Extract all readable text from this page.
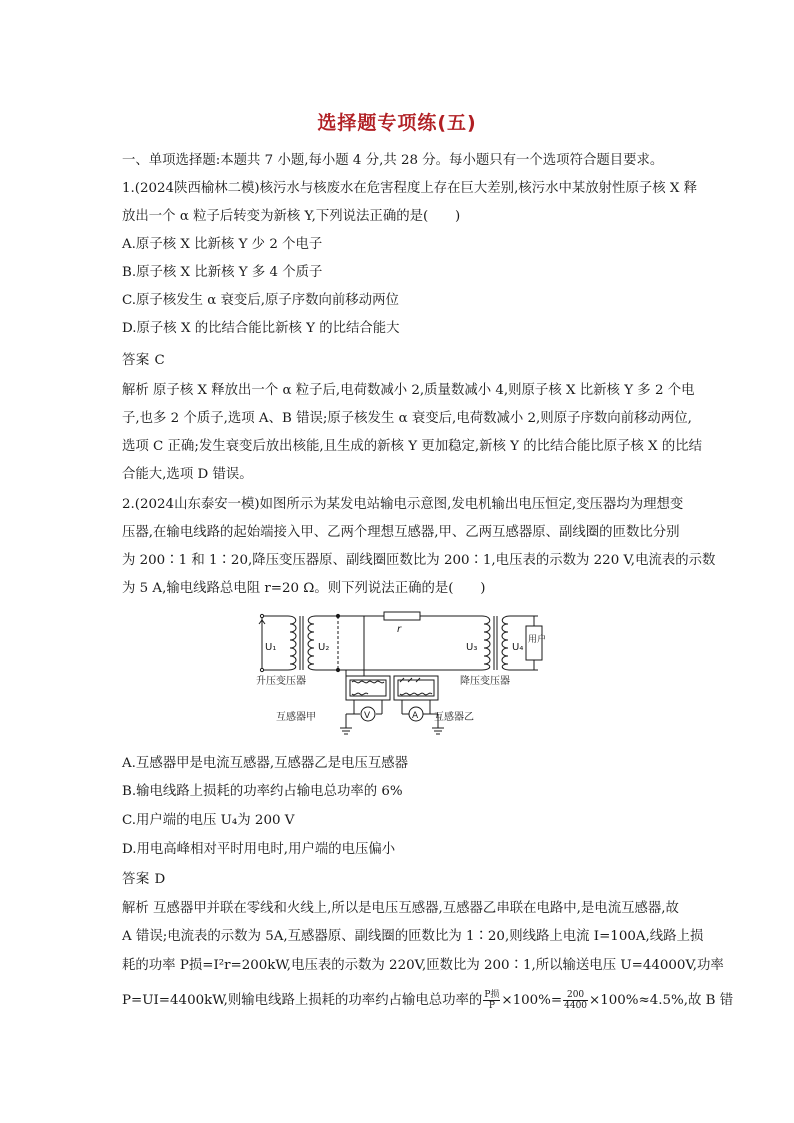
选择题专项练(五)
一、单项选择题:本题共 7 小题,每小题 4 分,共 28 分。每小题只有一个选项符合题目要求。
1.(2024陕西榆林二模)核污水与核废水在危害程度上存在巨大差别,核污水中某放射性原子核 X 释
放出一个 α 粒子后转变为新核 Y,下列说法正确的是(　　)
A.原子核 X 比新核 Y 少 2 个电子
B.原子核 X 比新核 Y 多 4 个质子
C.原子核发生 α 衰变后,原子序数向前移动两位
D.原子核 X 的比结合能比新核 Y 的比结合能大
答案 C
解析 原子核 X 释放出一个 α 粒子后,电荷数减小 2,质量数减小 4,则原子核 X 比新核 Y 多 2 个电
子,也多 2 个质子,选项 A、B 错误;原子核发生 α 衰变后,电荷数减小 2,则原子序数向前移动两位,
选项 C 正确;发生衰变后放出核能,且生成的新核 Y 更加稳定,新核 Y 的比结合能比原子核 X 的比结
合能大,选项 D 错误。
2.(2024山东泰安一模)如图所示为某发电站输电示意图,发电机输出电压恒定,变压器均为理想变
压器,在输电线路的起始端接入甲、乙两个理想互感器,甲、乙两互感器原、副线圈的匝数比分别
为 200∶1 和 1∶20,降压变压器原、副线圈匝数比为 200∶1,电压表的示数为 220 V,电流表的示数
为 5 A,输电线路总电阻 r=20 Ω。则下列说法正确的是(　　)
U₁	U₂
r
U₃	U₄
V	A
升压变压器	降压变压器
互感器甲	互感器乙
用户
A.互感器甲是电流互感器,互感器乙是电压互感器
B.输电线路上损耗的功率约占输电总功率的 6%
C.用户端的电压 U₄为 200 V
D.用电高峰相对平时用电时,用户端的电压偏小
答案 D
解析 互感器甲并联在零线和火线上,所以是电压互感器,互感器乙串联在电路中,是电流互感器,故
A 错误;电流表的示数为 5A,互感器原、副线圈的匝数比为 1∶20,则线路上电流 I=100A,线路上损
耗的功率 P损=I²r=200kW,电压表的示数为 220V,匝数比为 200∶1,所以输送电压 U=44000V,功率
P=UI=4400kW,则输电线路上损耗的功率约占输电总功率的 $\frac{\text{P损}}{P} \times 100\%= \frac{200}{4400} \times 100\%\approx 4.5\%$,故 B 错
